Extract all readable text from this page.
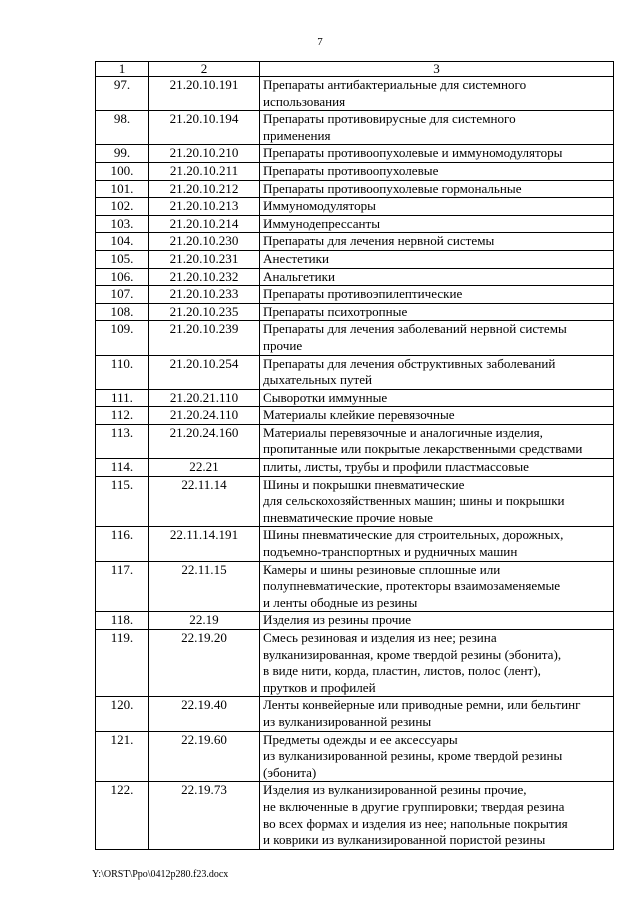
7
1	2	3
97.	21.20.10.191	Препараты антибактериальные для системного
использования
98.	21.20.10.194	Препараты противовирусные для системного
применения
99.	21.20.10.210	Препараты противоопухолевые и иммуномодуляторы
100.	21.20.10.211	Препараты противоопухолевые
101.	21.20.10.212	Препараты противоопухолевые гормональные
102.	21.20.10.213	Иммуномодуляторы
103.	21.20.10.214	Иммунодепрессанты
104.	21.20.10.230	Препараты для лечения нервной системы
105.	21.20.10.231	Анестетики
106.	21.20.10.232	Анальгетики
107.	21.20.10.233	Препараты противоэпилептические
108.	21.20.10.235	Препараты психотропные
109.	21.20.10.239	Препараты для лечения заболеваний нервной системы
прочие
110.	21.20.10.254	Препараты для лечения обструктивных заболеваний
дыхательных путей
111.	21.20.21.110	Сыворотки иммунные
112.	21.20.24.110	Материалы клейкие перевязочные
113.	21.20.24.160	Материалы перевязочные и аналогичные изделия,
пропитанные или покрытые лекарственными средствами
114.	22.21	плиты, листы, трубы и профили пластмассовые
115.	22.11.14	Шины и покрышки пневматические
для сельскохозяйственных машин; шины и покрышки
пневматические прочие новые
116.	22.11.14.191	Шины пневматические для строительных, дорожных,
подъемно-транспортных и рудничных машин
117.	22.11.15	Камеры и шины резиновые сплошные или
полупневматические, протекторы взаимозаменяемые
и ленты ободные из резины
118.	22.19	Изделия из резины прочие
119.	22.19.20	Смесь резиновая и изделия из нее; резина
вулканизированная, кроме твердой резины (эбонита),
в виде нити, корда, пластин, листов, полос (лент),
прутков и профилей
120.	22.19.40	Ленты конвейерные или приводные ремни, или бельтинг
из вулканизированной резины
121.	22.19.60	Предметы одежды и ее аксессуары
из вулканизированной резины, кроме твердой резины
(эбонита)
122.	22.19.73	Изделия из вулканизированной резины прочие,
не включенные в другие группировки; твердая резина
во всех формах и изделия из нее; напольные покрытия
и коврики из вулканизированной пористой резины
Y:\ORST\Ppo\0412p280.f23.docx
